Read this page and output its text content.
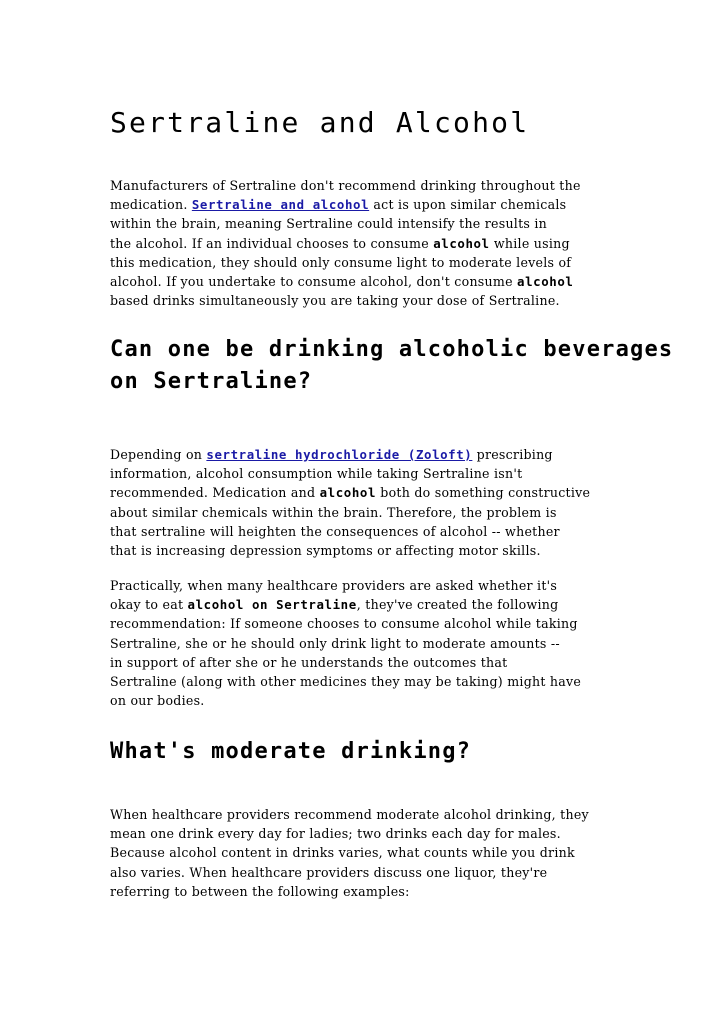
Sertraline and Alcohol
Manufacturers of Sertraline don't recommend drinking throughout the
medication. Sertraline and alcohol act is upon similar chemicals
within the brain, meaning Sertraline could intensify the results in
the alcohol. If an individual chooses to consume alcohol while using
this medication, they should only consume light to moderate levels of
alcohol. If you undertake to consume alcohol, don't consume alcohol
based drinks simultaneously you are taking your dose of Sertraline.
Can one be drinking alcoholic beverages
on Sertraline?
Depending on sertraline hydrochloride (Zoloft) prescribing
information, alcohol consumption while taking Sertraline isn't
recommended. Medication and alcohol both do something constructive
about similar chemicals within the brain. Therefore, the problem is
that sertraline will heighten the consequences of alcohol -- whether
that is increasing depression symptoms or affecting motor skills.
Practically, when many healthcare providers are asked whether it's
okay to eat alcohol on Sertraline, they've created the following
recommendation: If someone chooses to consume alcohol while taking
Sertraline, she or he should only drink light to moderate amounts --
in support of after she or he understands the outcomes that
Sertraline (along with other medicines they may be taking) might have
on our bodies.
What's moderate drinking?
When healthcare providers recommend moderate alcohol drinking, they
mean one drink every day for ladies; two drinks each day for males.
Because alcohol content in drinks varies, what counts while you drink
also varies. When healthcare providers discuss one liquor, they're
referring to between the following examples:
